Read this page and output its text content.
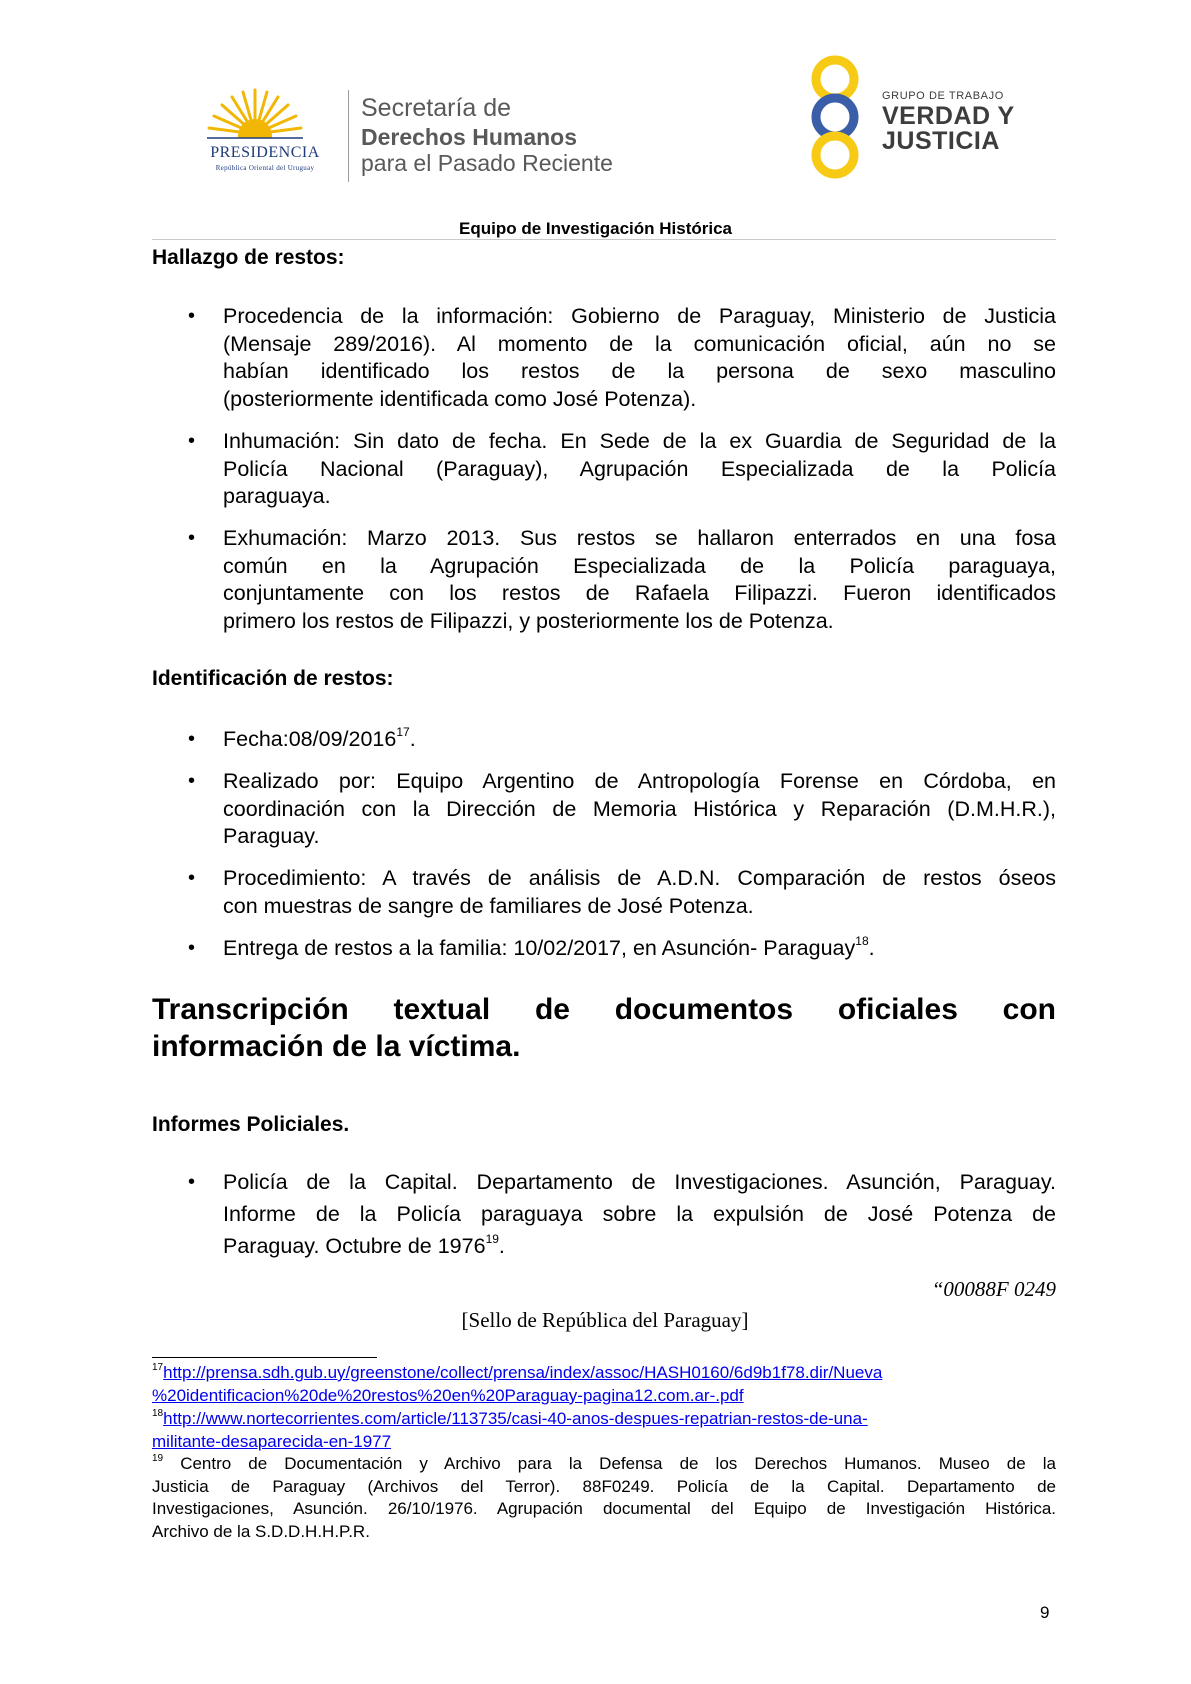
PRESIDENCIA
República Oriental del Uruguay
Secretaría de
Derechos Humanos
para el Pasado Reciente
GRUPO DE TRABAJO
VERDAD Y
JUSTICIA
Equipo de Investigación Histórica
Hallazgo de restos:
• Procedencia de la información: Gobierno de Paraguay, Ministerio de Justicia
(Mensaje 289/2016). Al momento de la comunicación oficial, aún no se
habían identificado los restos de la persona de sexo masculino
(posteriormente identificada como José Potenza).
• Inhumación: Sin dato de fecha. En Sede de la ex Guardia de Seguridad de la
Policía Nacional (Paraguay), Agrupación Especializada de la Policía
paraguaya.
• Exhumación: Marzo 2013. Sus restos se hallaron enterrados en una fosa
común en la Agrupación Especializada de la Policía paraguaya,
conjuntamente con los restos de Rafaela Filipazzi. Fueron identificados
primero los restos de Filipazzi, y posteriormente los de Potenza.
Identificación de restos:
• Fecha:08/09/2016$^{17}$.
• Realizado por: Equipo Argentino de Antropología Forense en Córdoba, en
coordinación con la Dirección de Memoria Histórica y Reparación (D.M.H.R.),
Paraguay.
• Procedimiento: A través de análisis de A.D.N. Comparación de restos óseos
con muestras de sangre de familiares de José Potenza.
• Entrega de restos a la familia: 10/02/2017, en Asunción- Paraguay$^{18}$.
Transcripción textual de documentos oficiales con
información de la víctima.
Informes Policiales.
• Policía de la Capital. Departamento de Investigaciones. Asunción, Paraguay.
Informe de la Policía paraguaya sobre la expulsión de José Potenza de
Paraguay. Octubre de 1976$^{19}$.
“00088F 0249
[Sello de República del Paraguay]
$^{17}$http://prensa.sdh.gub.uy/greenstone/collect/prensa/index/assoc/HASH0160/6d9b1f78.dir/Nueva
%20identificacion%20de%20restos%20en%20Paraguay-pagina12.com.ar-.pdf
$^{18}$http://www.nortecorrientes.com/article/113735/casi-40-anos-despues-repatrian-restos-de-una-
militante-desaparecida-en-1977
$^{19}$ Centro de Documentación y Archivo para la Defensa de los Derechos Humanos. Museo de la
Justicia de Paraguay (Archivos del Terror). 88F0249. Policía de la Capital. Departamento de
Investigaciones, Asunción. 26/10/1976. Agrupación documental del Equipo de Investigación Histórica.
Archivo de la S.D.D.H.H.P.R.
9
